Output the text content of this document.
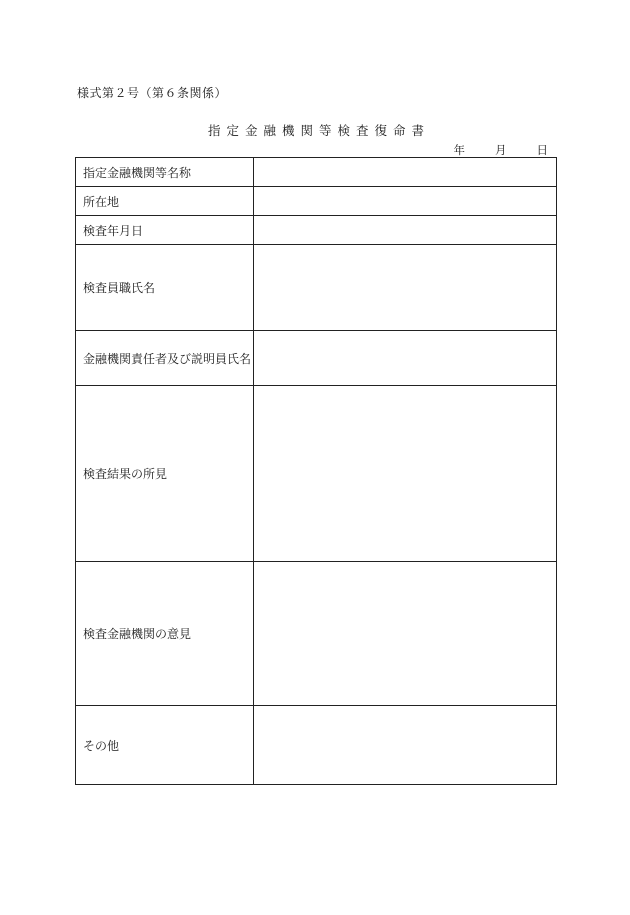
様式第２号（第６条関係）
指定金融機関等検査復命書
年	月	日
指定金融機関等名称	
所在地	
検査年月日	
検査員職氏名	
金融機関責任者及び説明員氏名	
検査結果の所見	
検査金融機関の意見	
その他	
